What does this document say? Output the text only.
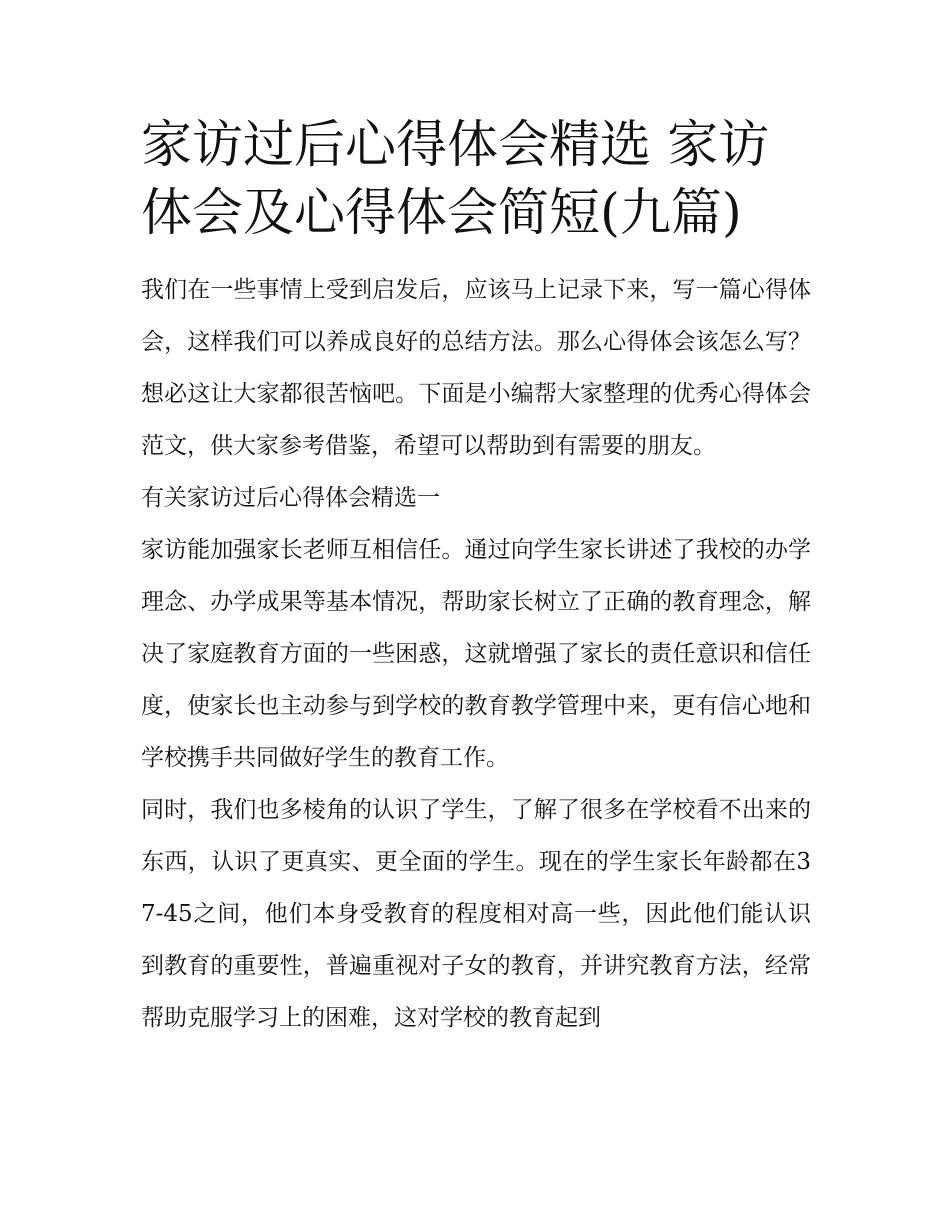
家访过后心得体会精选 家访体会及心得体会简短(九篇)

我们在一些事情上受到启发后，应该马上记录下来，写一篇心得体会，这样我们可以养成良好的总结方法。那么心得体会该怎么写？想必这让大家都很苦恼吧。下面是小编帮大家整理的优秀心得体会范文，供大家参考借鉴，希望可以帮助到有需要的朋友。

有关家访过后心得体会精选一

家访能加强家长老师互相信任。通过向学生家长讲述了我校的办学理念、办学成果等基本情况，帮助家长树立了正确的教育理念，解决了家庭教育方面的一些困惑，这就增强了家长的责任意识和信任度，使家长也主动参与到学校的教育教学管理中来，更有信心地和学校携手共同做好学生的教育工作。

同时，我们也多棱角的认识了学生，了解了很多在学校看不出来的东西，认识了更真实、更全面的学生。现在的学生家长年龄都在37-45之间，他们本身受教育的程度相对高一些，因此他们能认识到教育的重要性，普遍重视对子女的教育，并讲究教育方法，经常帮助克服学习上的困难，这对学校的教育起到
